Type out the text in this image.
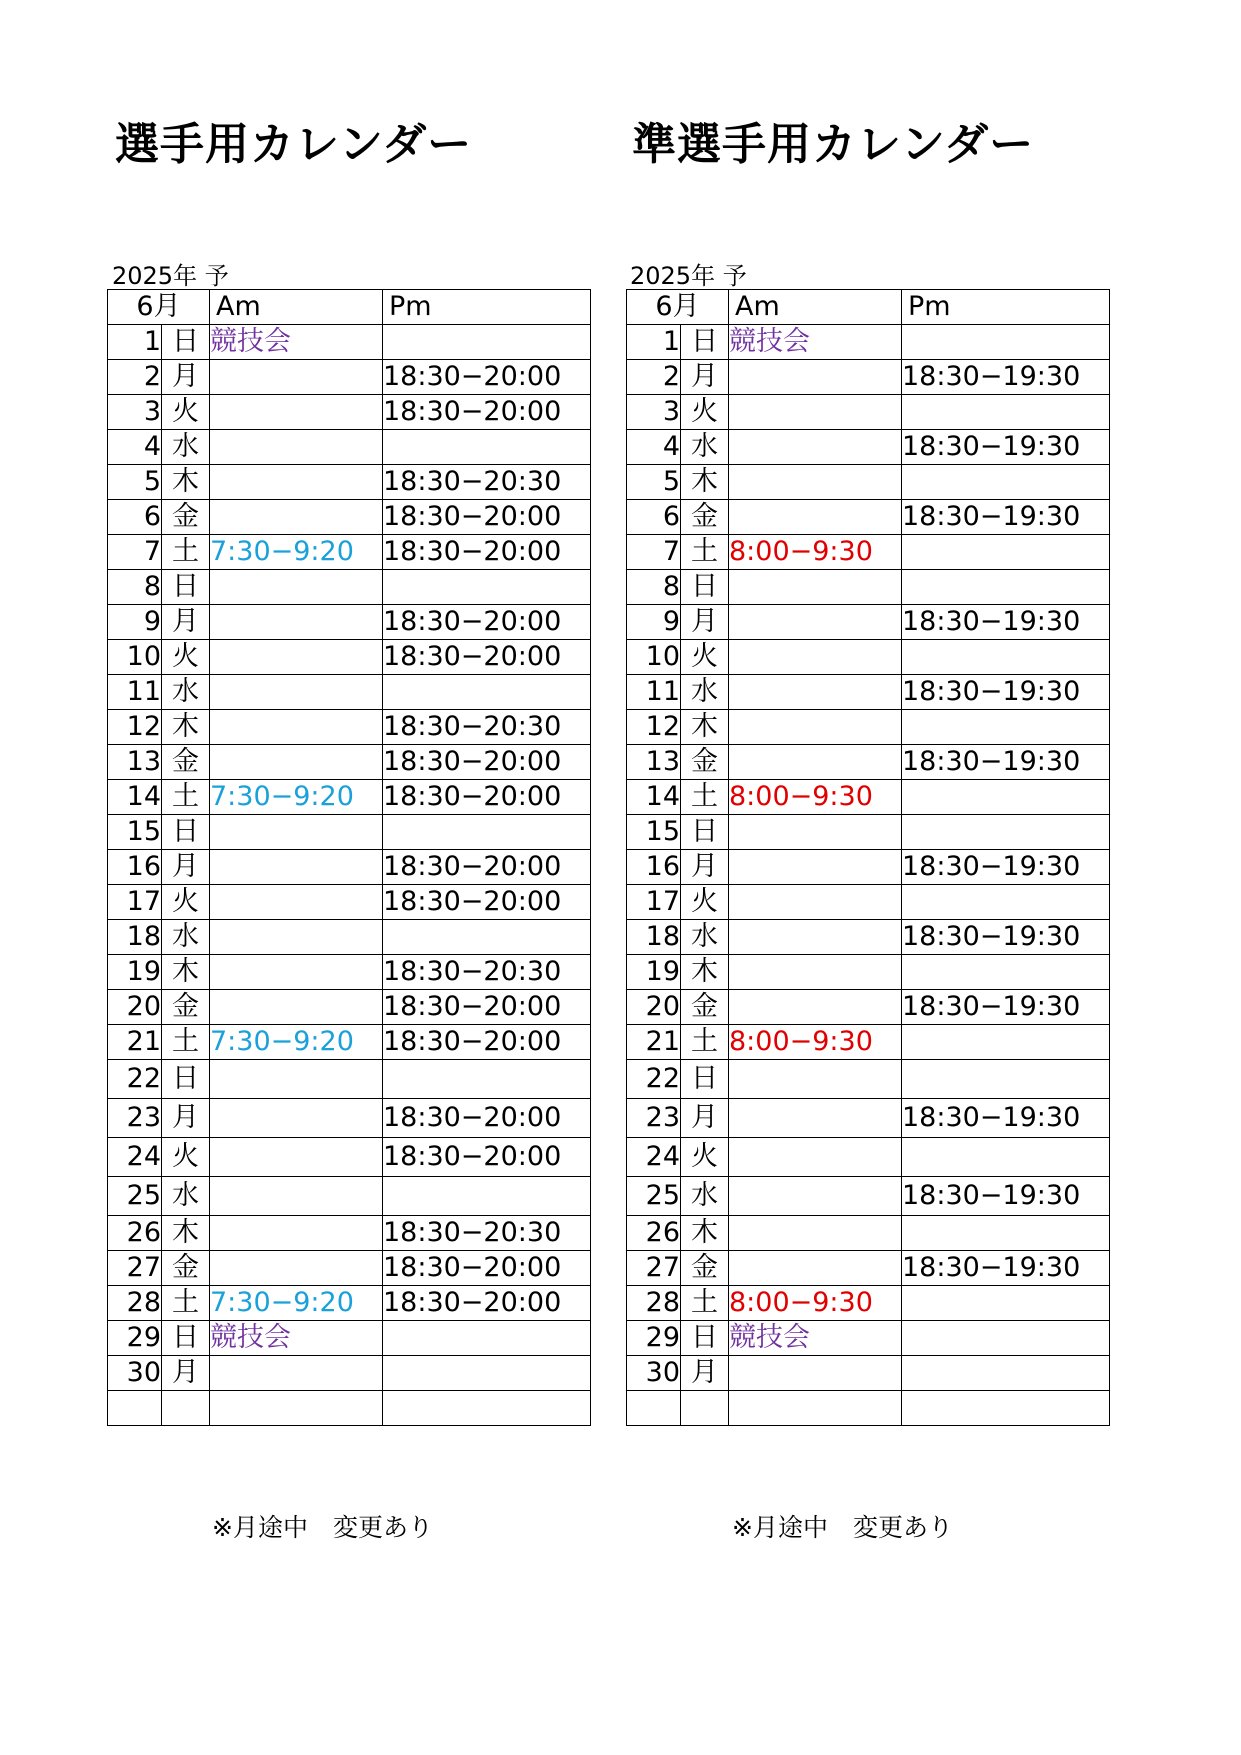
選手用カレンダー	準選手用カレンダー
2025年 予	2025年 予
6月		Am	Pm
1	日	競技会	
2	月		18:30−20:00
3	火		18:30−20:00
4	水		
5	木		18:30−20:30
6	金		18:30−20:00
7	土	7:30−9:20	18:30−20:00
8	日		
9	月		18:30−20:00
10	火		18:30−20:00
11	水		
12	木		18:30−20:30
13	金		18:30−20:00
14	土	7:30−9:20	18:30−20:00
15	日		
16	月		18:30−20:00
17	火		18:30−20:00
18	水		
19	木		18:30−20:30
20	金		18:30−20:00
21	土	7:30−9:20	18:30−20:00
22	日		
23	月		18:30−20:00
24	火		18:30−20:00
25	水		
26	木		18:30−20:30
27	金		18:30−20:00
28	土	7:30−9:20	18:30−20:00
29	日	競技会	
30	月		

6月		Am	Pm
1	日	競技会	
2	月		18:30−19:30
3	火		
4	水		18:30−19:30
5	木		
6	金		18:30−19:30
7	土	8:00−9:30	
8	日		
9	月		18:30−19:30
10	火		
11	水		18:30−19:30
12	木		
13	金		18:30−19:30
14	土	8:00−9:30	
15	日		
16	月		18:30−19:30
17	火		
18	水		18:30−19:30
19	木		
20	金		18:30−19:30
21	土	8:00−9:30	
22	日		
23	月		18:30−19:30
24	火		
25	水		18:30−19:30
26	木		
27	金		18:30−19:30
28	土	8:00−9:30	
29	日	競技会	
30	月		

※月途中　変更あり	※月途中　変更あり
